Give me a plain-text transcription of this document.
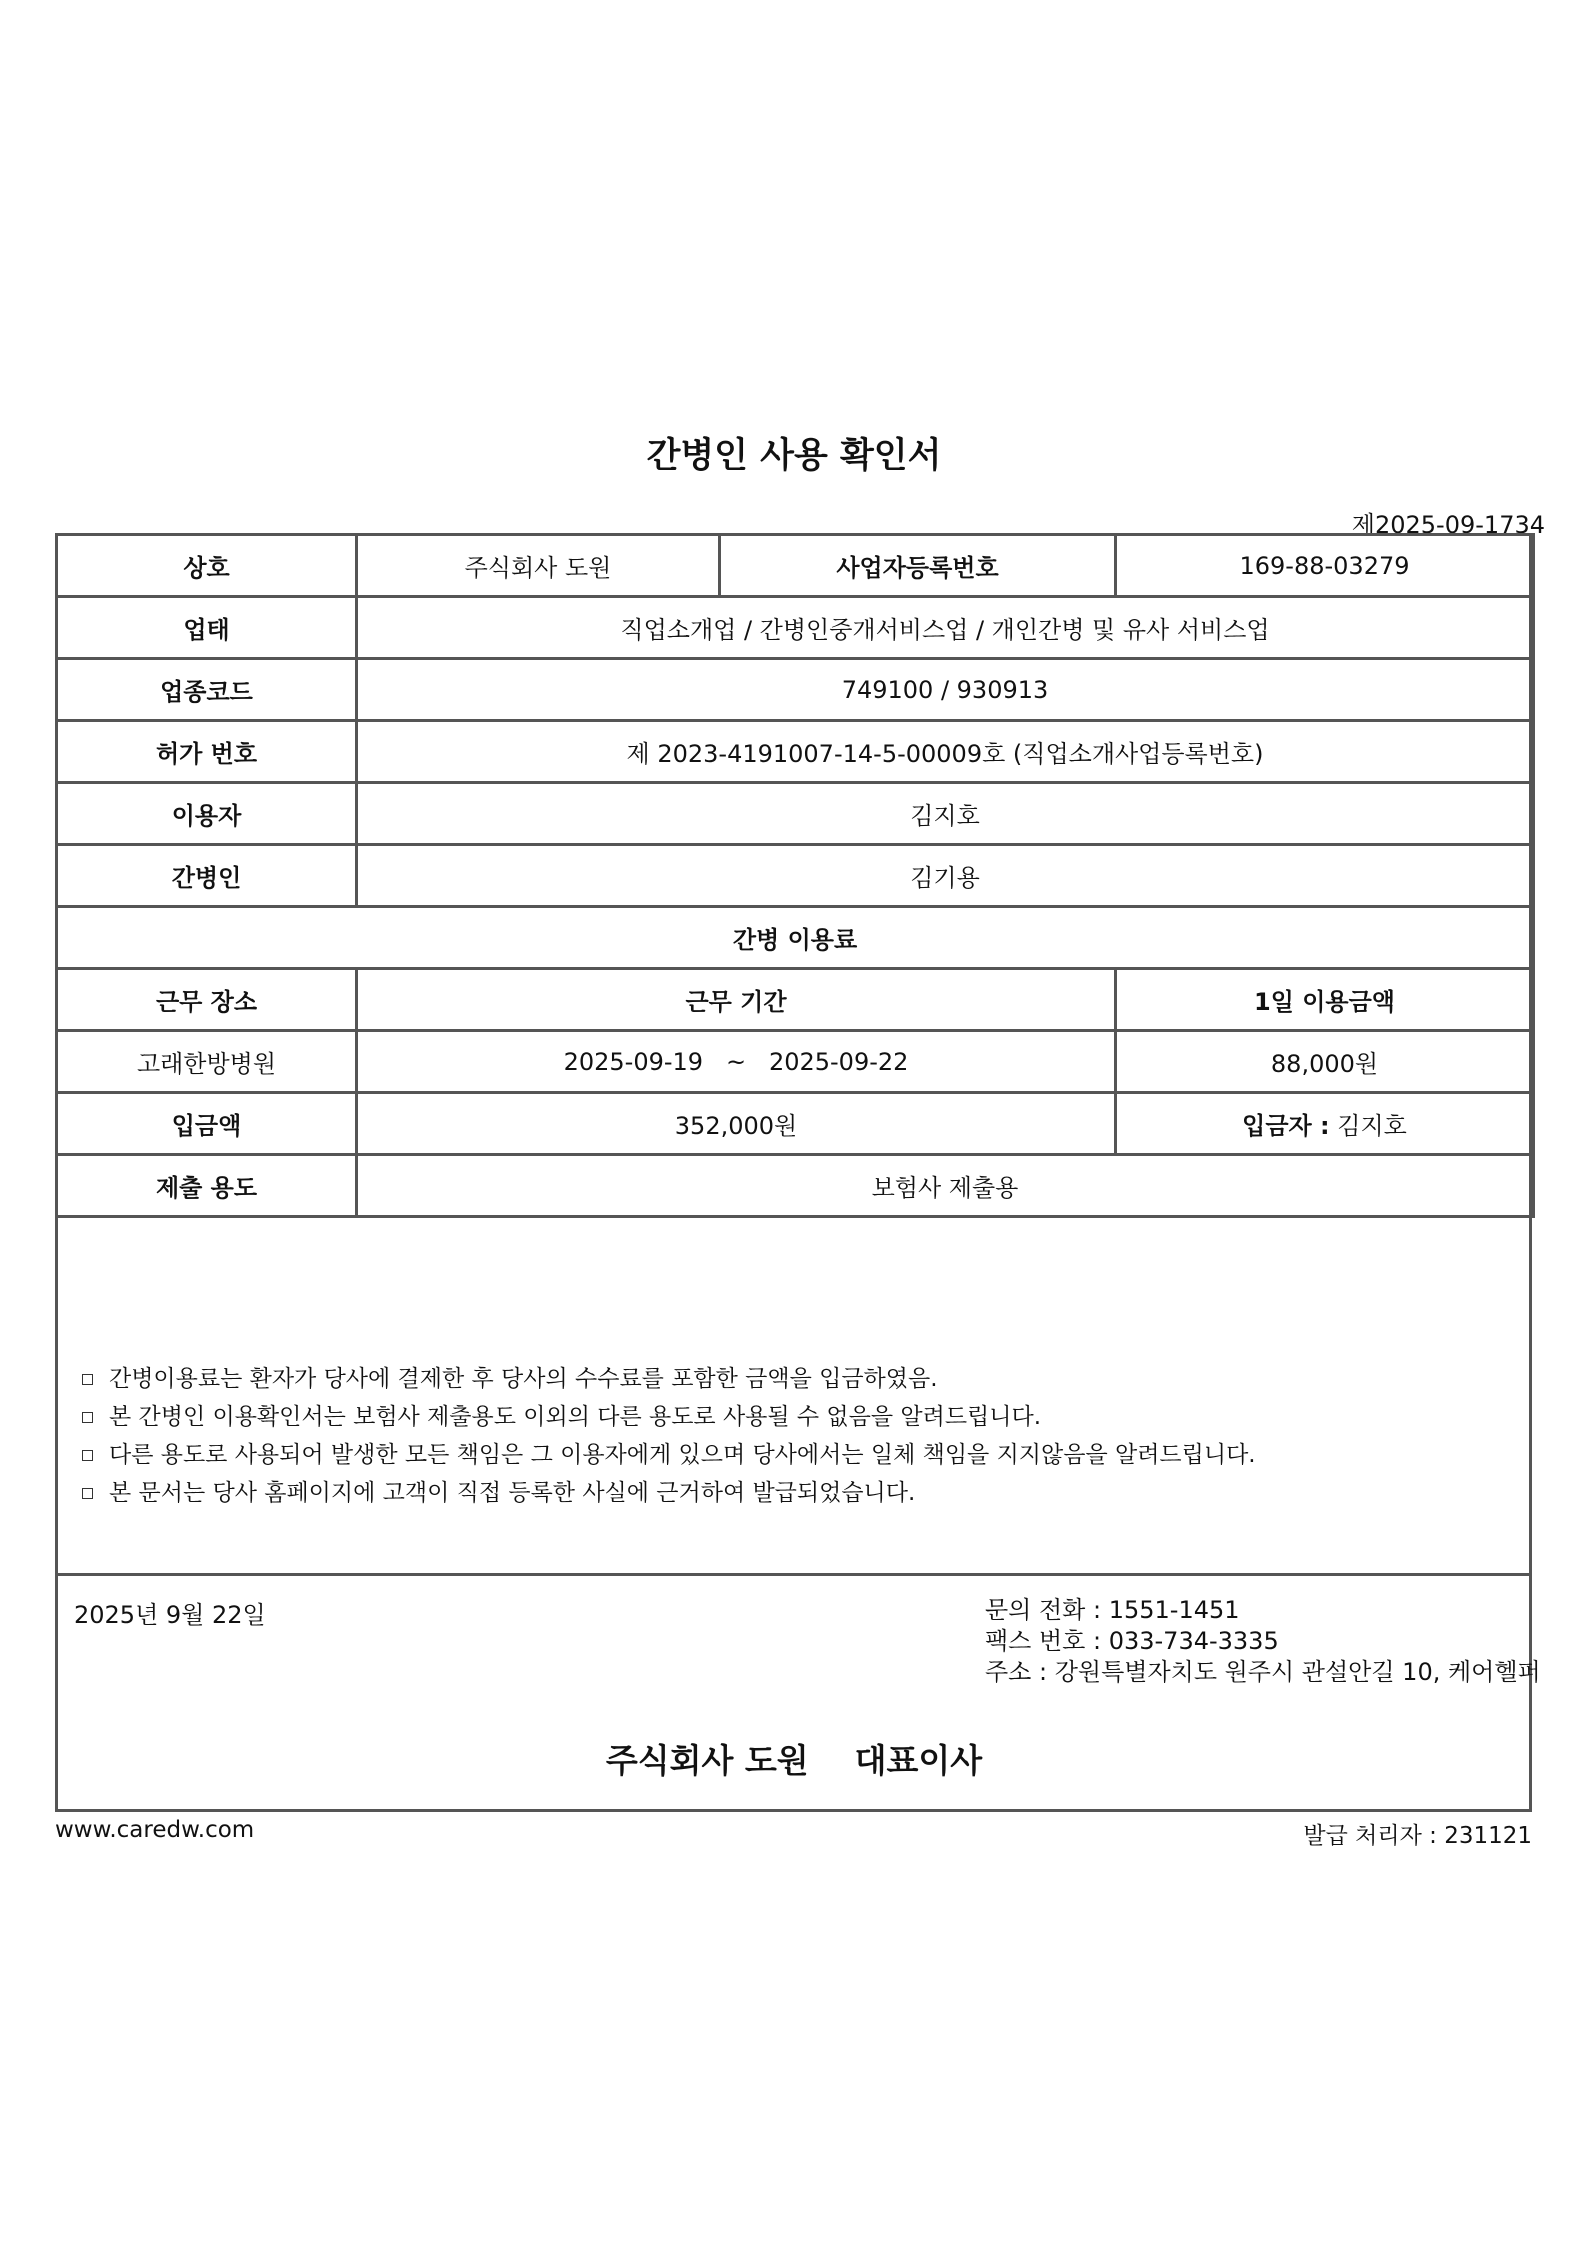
간병인 사용 확인서
제2025-09-1734
상호	주식회사 도원	사업자등록번호	169-88-03279
업태	직업소개업 / 간병인중개서비스업 / 개인간병 및 유사 서비스업		
업종코드	749100 / 930913		
허가 번호	제 2023-4191007-14-5-00009호 (직업소개사업등록번호)		
이용자	김지호		
간병인	김기용		
간병 이용료			
근무 장소	근무 기간		1일 이용금액
고래한방병원	2025-09-19   ~   2025-09-22		88,000원
입금액	352,000원		입금자 : 김지호
제출 용도	보험사 제출용		
간병이용료는 환자가 당사에 결제한 후 당사의 수수료를 포함한 금액을 입금하였음.
본 간병인 이용확인서는 보험사 제출용도 이외의 다른 용도로 사용될 수 없음을 알려드립니다.
다른 용도로 사용되어 발생한 모든 책임은 그 이용자에게 있으며 당사에서는 일체 책임을 지지않음을 알려드립니다.
본 문서는 당사 홈페이지에 고객이 직접 등록한 사실에 근거하여 발급되었습니다.
2025년 9월 22일	문의 전화 : 1551-1451
팩스 번호 : 033-734-3335
주소 : 강원특별자치도 원주시 관설안길 10, 케어헬퍼
주식회사 도원    대표이사
www.caredw.com	발급 처리자 : 231121
